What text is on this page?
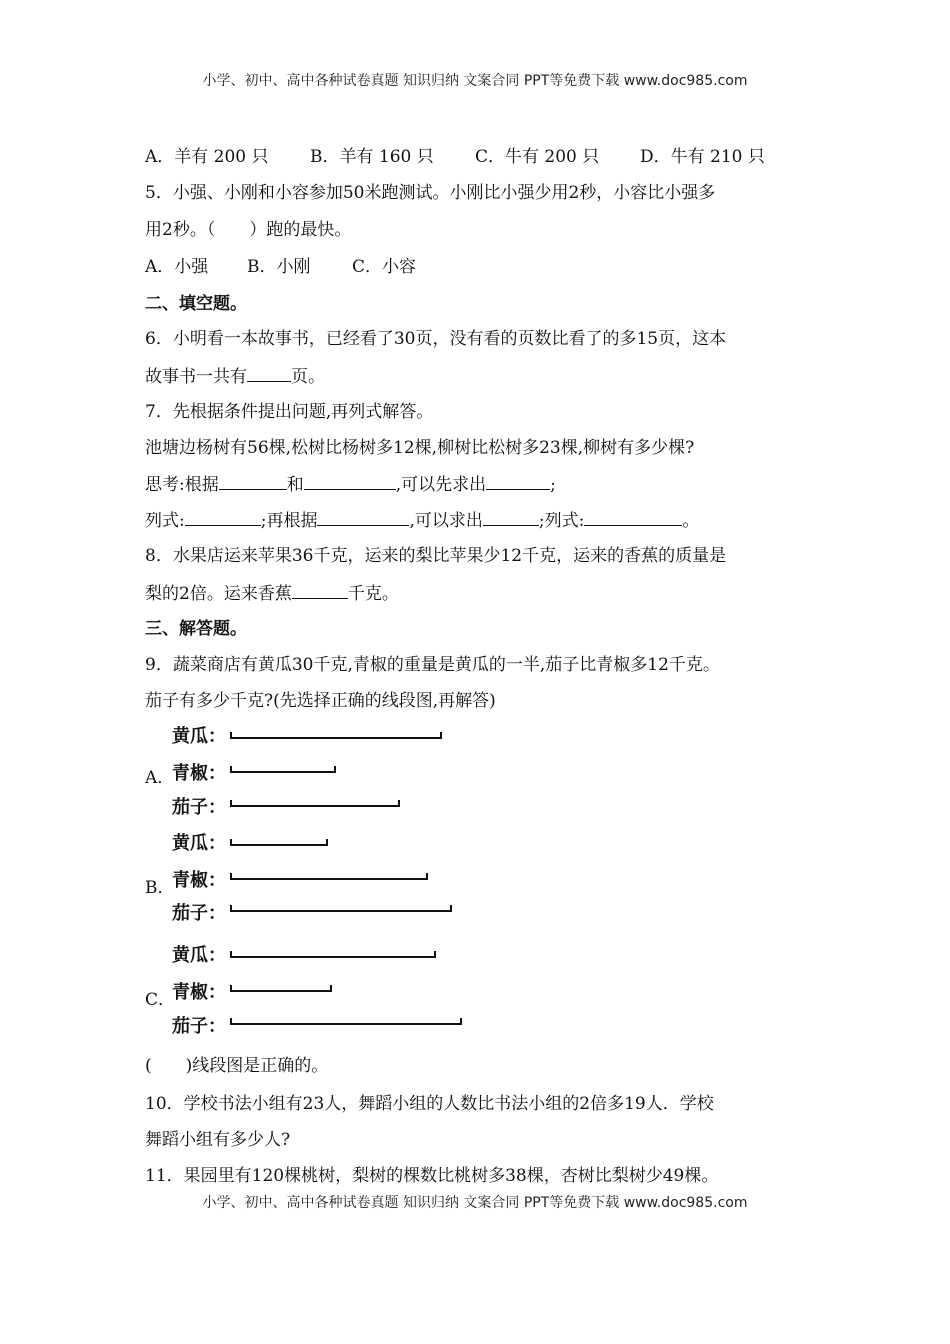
小学、初中、高中各种试卷真题 知识归纳 文案合同 PPT等免费下载 www.doc985.com
A．羊有 200 只 B．羊有 160 只 C．牛有 200 只 D．牛有 210 只
5．小强、小刚和小容参加50米跑测试。小刚比小强少用2秒，小容比小强多
用2秒。（　　）跑的最快。
A．小强 B．小刚 C．小容
二、填空题。
6．小明看一本故事书，已经看了30页，没有看的页数比看了的多15页，这本
故事书一共有	页。
7．先根据条件提出问题,再列式解答。
池塘边杨树有56棵,松树比杨树多12棵,柳树比松树多23棵,柳树有多少棵?
思考:根据	和	,可以先求出	;
列式:	;再根据	,可以求出	;列式:	。
8．水果店运来苹果36千克，运来的梨比苹果少12千克，运来的香蕉的质量是
梨的2倍。运来香蕉	千克。
三、解答题。
9．蔬菜商店有黄瓜30千克,青椒的重量是黄瓜的一半,茄子比青椒多12千克。
茄子有多少千克?(先选择正确的线段图,再解答)
黄瓜：
A．
青椒：
茄子：
黄瓜：
B．
青椒：
茄子：
黄瓜：
C．
青椒：
茄子：
(　　)线段图是正确的。
10．学校书法小组有23人，舞蹈小组的人数比书法小组的2倍多19人．学校
舞蹈小组有多少人?
11．果园里有120棵桃树，梨树的棵数比桃树多38棵，杏树比梨树少49棵。
小学、初中、高中各种试卷真题 知识归纳 文案合同 PPT等免费下载 www.doc985.com
